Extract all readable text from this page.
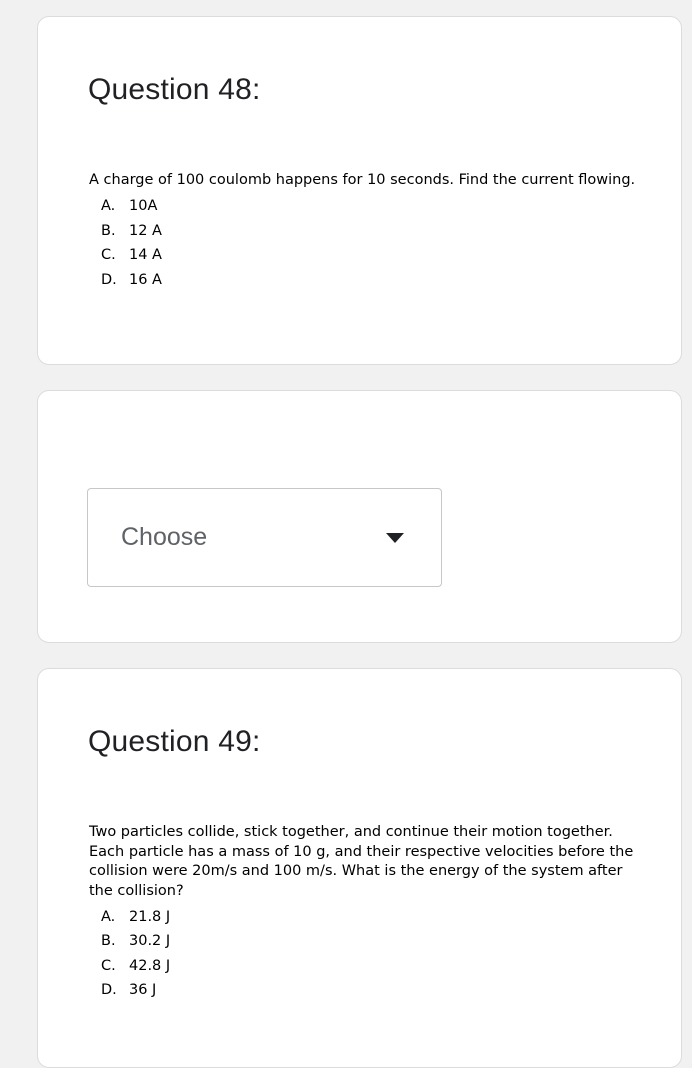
Question 48:

A charge of 100 coulomb happens for 10 seconds. Find the current flowing.

A. 10A
B. 12 A
C. 14 A
D. 16 A
Choose
Question 49:

Two particles collide, stick together, and continue their motion together. Each particle has a mass of 10 g, and their respective velocities before the collision were 20m/s and 100 m/s. What is the energy of the system after the collision?

A. 21.8 J
B. 30.2 J
C. 42.8 J
D. 36 J
